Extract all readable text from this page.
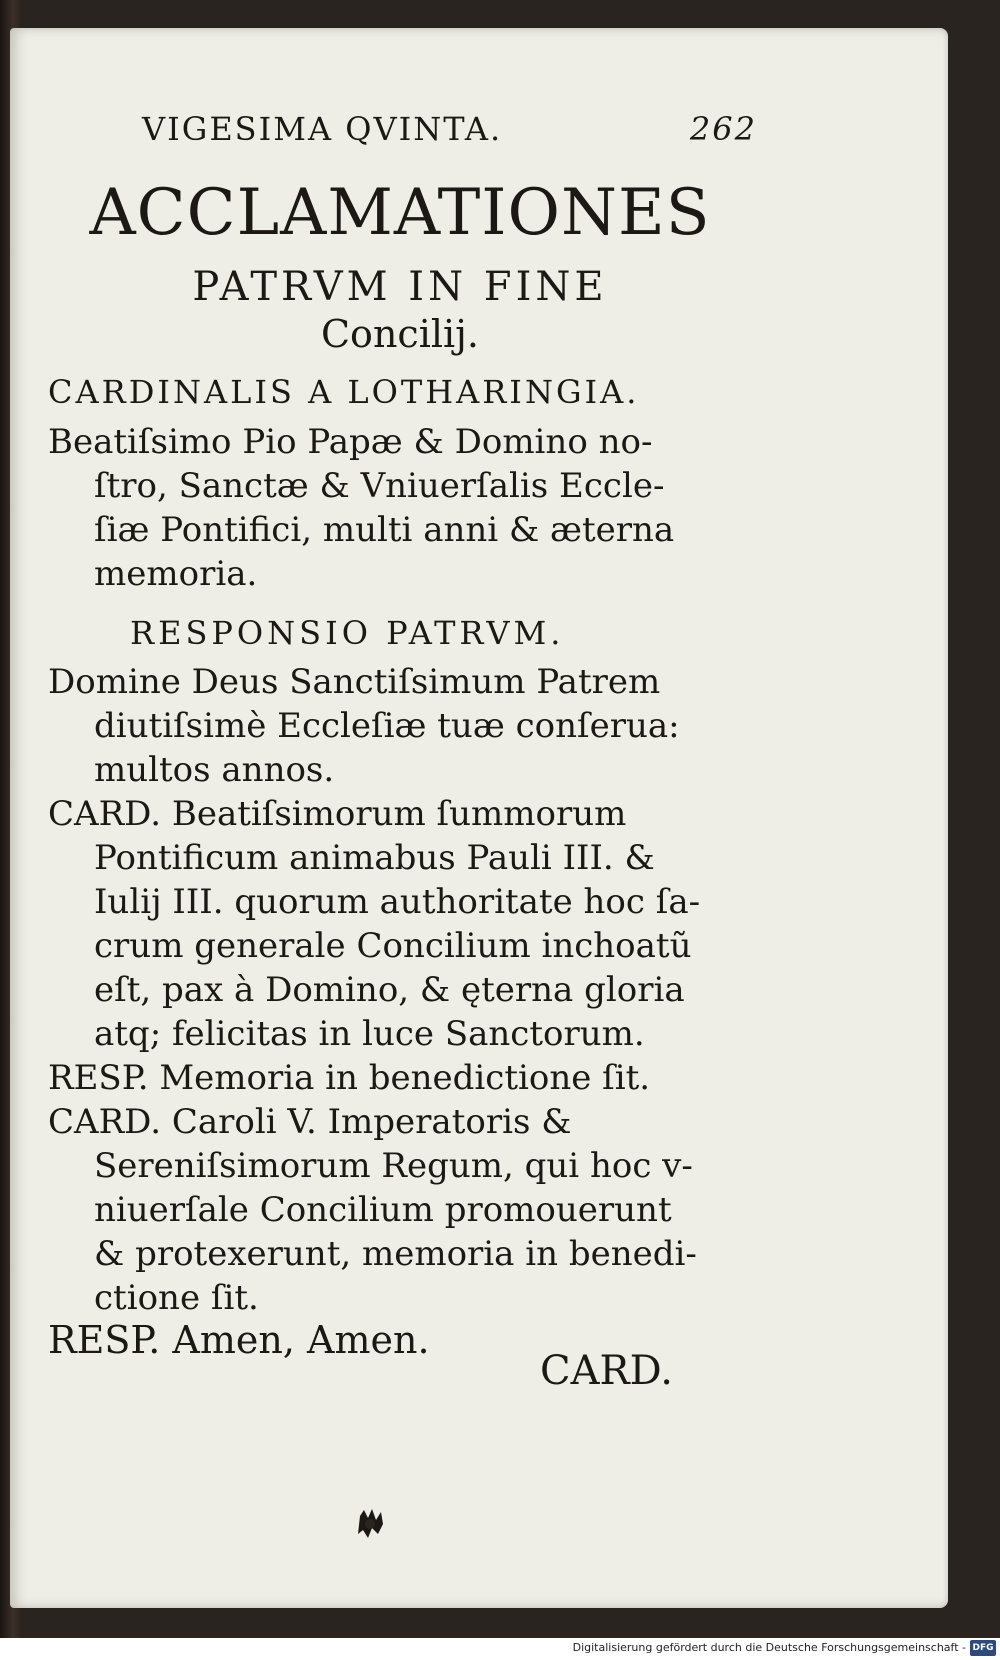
VIGESIMA QVINTA.	262
ACCLAMATIONES
PATRVM IN FINE
Concilij.
CARDINALIS A LOTHARINGIA.
Beatiſsimo Pio Papæ & Domino no-
ſtro, Sanctæ & Vniuerſalis Eccle-
ſiæ Pontifici, multi anni & æterna
memoria.
RESPONSIO PATRVM.
Domine Deus Sanctiſsimum Patrem
diutiſsimè Eccleſiæ tuæ conſerua:
multos annos.
CARD. Beatiſsimorum ſummorum
Pontificum animabus Pauli III. &
Iulij III. quorum authoritate hoc ſa-
crum generale Concilium inchoatũ
eſt, pax à Domino, & ęterna gloria
atq; felicitas in luce Sanctorum.
RESP. Memoria in benedictione ſit.
CARD. Caroli V. Imperatoris &
Sereniſsimorum Regum, qui hoc v-
niuerſale Concilium promouerunt
& protexerunt, memoria in benedi-
ctione ſit.
RESP. Amen, Amen.
CARD.
Digitalisierung gefördert durch die Deutsche Forschungsgemeinschaft - DFG
